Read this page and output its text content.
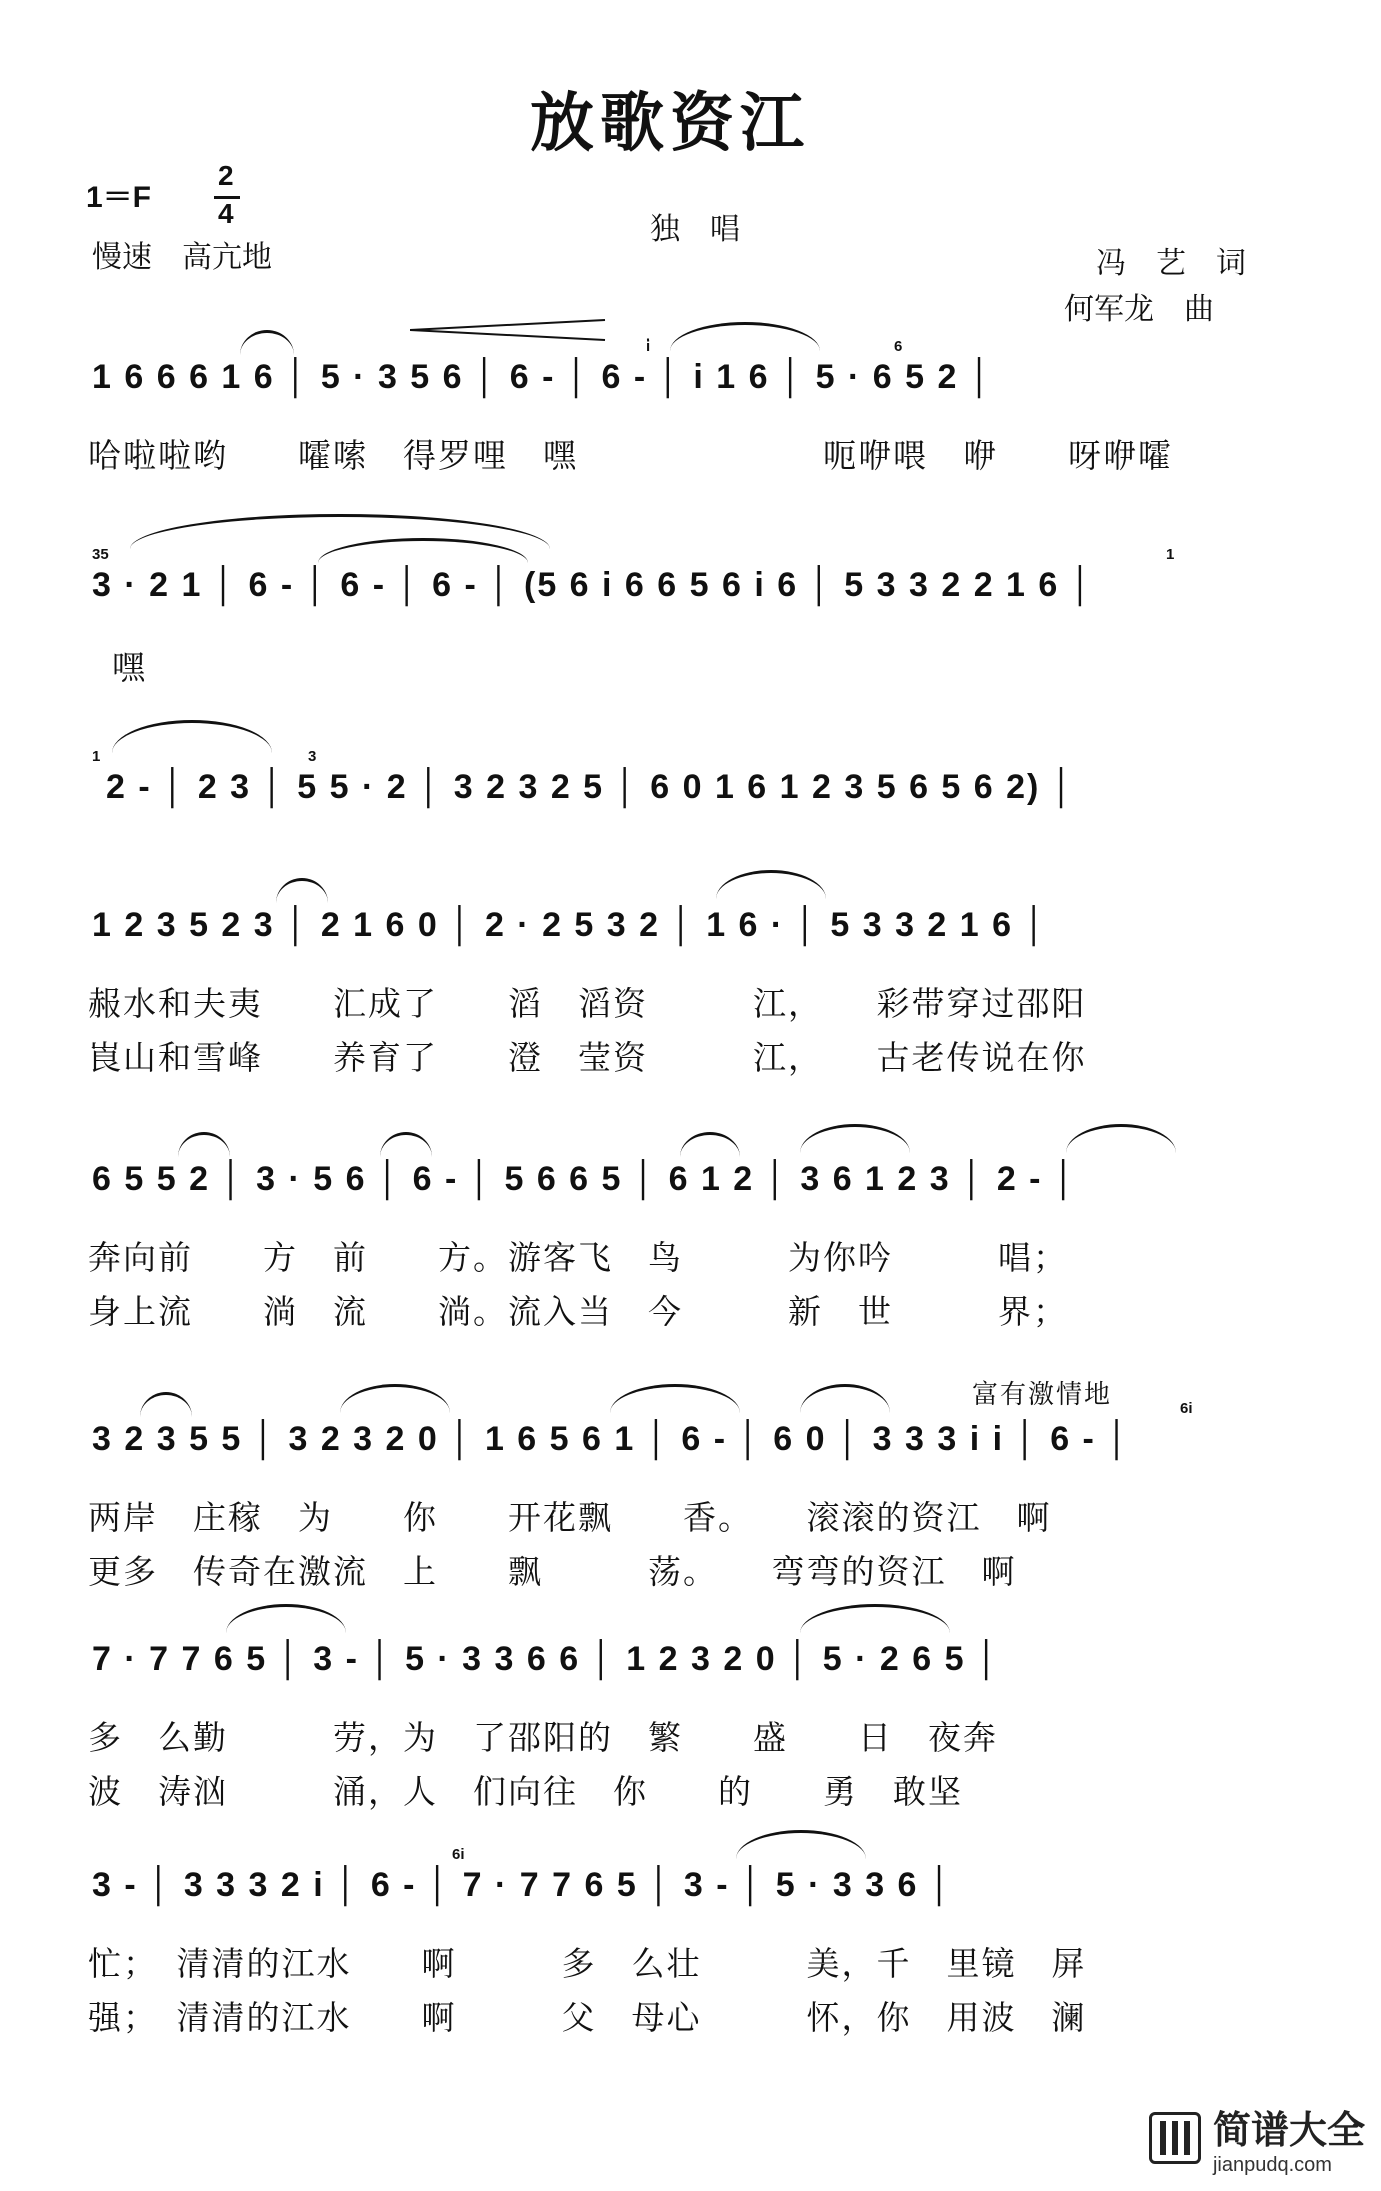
放歌资江
1＝F
2
4
慢速　高亢地
独　唱
冯　艺　词
何军龙　曲
1 6 6 6 1 6 │ 5 · 3 5 6 │ 6 - │ 6 - │ i 1 6 │ 5 · 6 5 2 │
i̇	6
哈啦啦哟　　嚯嗦　得罗哩　嘿　　　　　　　呃咿喂　咿　　呀咿嚯
3 · 2 1 │ 6 - │ 6 - │ 6 - │ (5 6 i 6 6 5 6 i 6 │ 5 3 3 2 2 1 6 │
35	1
嘿
2 - │ 2 3 │ 5 5 · 2 │ 3 2 3 2 5 │ 6 0 1 6 1 2 3 5 6 5 6 2) │
1	3
1 2 3 5 2 3 │ 2 1 6 0 │ 2 · 2 5 3 2 │ 1 6 · │ 5 3 3 2 1 6 │
赧水和夫夷　　汇成了　　滔　滔资　　　江，　　彩带穿过邵阳
崀山和雪峰　　养育了　　澄　莹资　　　江，　　古老传说在你
6 5 5 2 │ 3 · 5 6 │ 6 - │ 5 6 6 5 │ 6 1 2 │ 3 6 1 2 3 │ 2 - │
奔向前　　方　前　　方。游客飞　鸟　　　为你吟　　　唱；
身上流　　淌　流　　淌。流入当　今　　　新　世　　　界；
富有激情地
3 2 3 5 5 │ 3 2 3 2 0 │ 1 6 5 6 1 │ 6 - │ 6 0 │ 3 3 3 i i │ 6 - │
6i
两岸　庄稼　为　　你　　开花飘　　香。　　滚滚的资江　啊
更多　传奇在激流　上　　飘　　　荡。　　弯弯的资江　啊
7 · 7 7 6 5 │ 3 - │ 5 · 3 3 6 6 │ 1 2 3 2 0 │ 5 · 2 6 5 │
多　么勤　　　劳，为　了邵阳的　繁　　盛　　日　夜奔
波　涛汹　　　涌，人　们向往　你　　的　　勇　敢坚
3 - │ 3 3 3 2 i │ 6 - │ 7 · 7 7 6 5 │ 3 - │ 5 · 3 3 6 │
6i
忙；　清清的江水　　啊　　　多　么壮　　　美，千　里镜　屏
强；　清清的江水　　啊　　　父　母心　　　怀，你　用波　澜
简谱大全
jianpudq.com
